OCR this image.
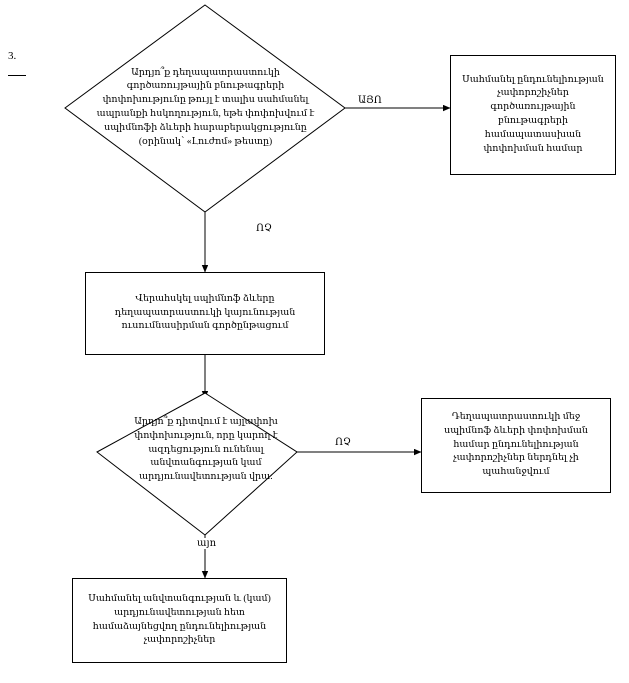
3.
Արդյո՞ք դեղապատրաստուկի գործառույթային բնութագրերի փոփոխությունը թույլ է տալիս սահմանել ապրանքի հսկողություն, եթե փոփոխվում է սպիմնոֆի ձևերի հարաբերակցությունը (օրինակ՝ «Լուժոմ» թեստը)
Սահմանել ընդունելիության չափորոշիչներ գործառույթային բնութագրերի համապատասխան փոփոխման համար
Վերահսկել սպիմնոֆ ձևերը դեղապատրաստուկի կայունության ուսումնասիրման գործընթացում
Արդյո՞ք դիտվում է այլափոխ փոփոխություն, որը կարող է ազդեցություն ունենալ անվտանգության կամ արդյունավետության վրա:
Դեղապատրաստուկի մեջ սպիմնոֆ ձևերի փոփոխման համար ընդունելիության չափորոշիչներ ներդնել չի պահանջվում
Սահմանել անվտանգության և (կամ) արդյունավետության հետ համաձայնեցվող ընդունելիության չափորոշիչներ
ԱՅՈ
ՈՉ
ՈՉ
այո
